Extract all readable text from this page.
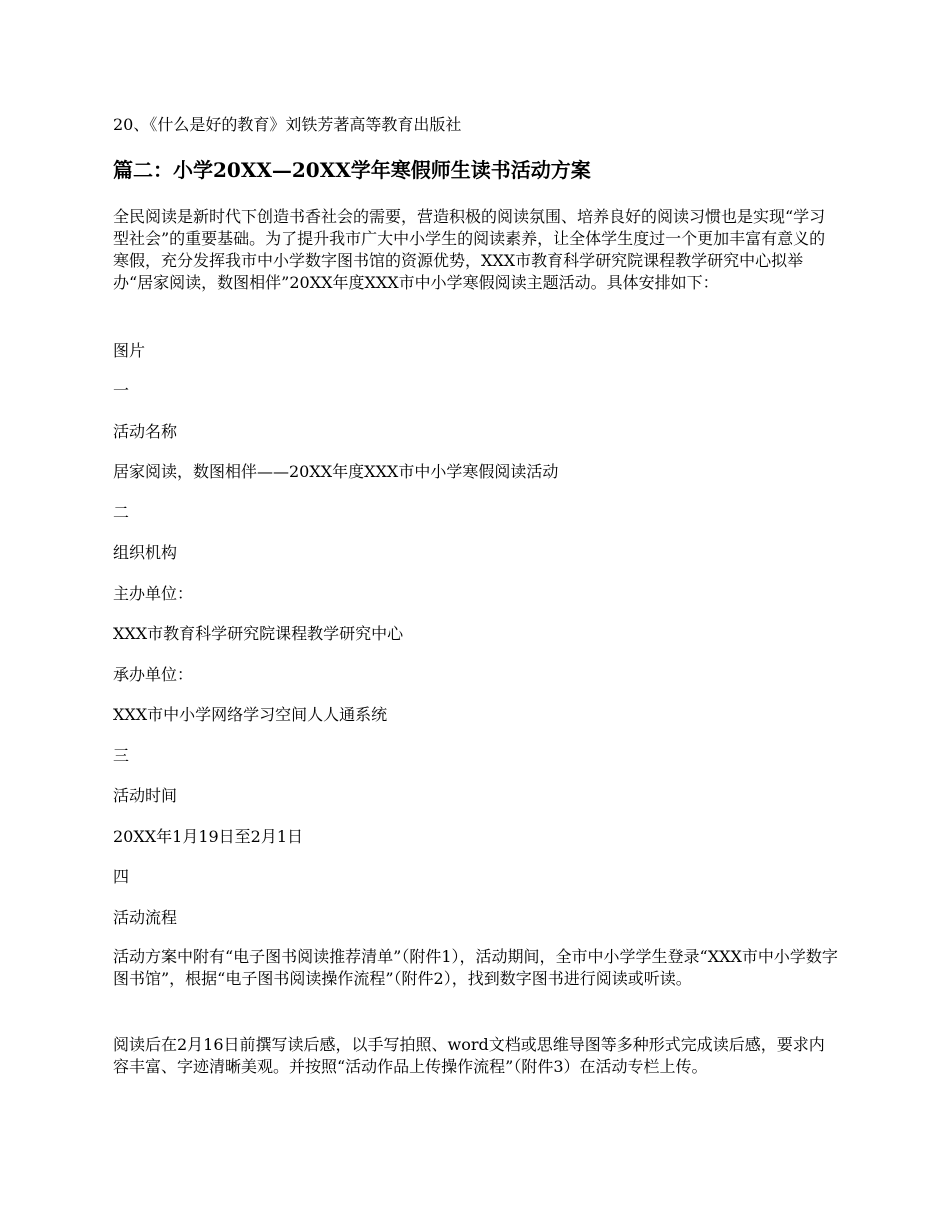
20、《什么是好的教育》刘铁芳著高等教育出版社
篇二：小学20XX—20XX学年寒假师生读书活动方案
全民阅读是新时代下创造书香社会的需要，营造积极的阅读氛围、培养良好的阅读习惯也是实现“学习型社会”的重要基础。为了提升我市广大中小学生的阅读素养，让全体学生度过一个更加丰富有意义的寒假，充分发挥我市中小学数字图书馆的资源优势，XXX市教育科学研究院课程教学研究中心拟举办“居家阅读，数图相伴”20XX年度XXX市中小学寒假阅读主题活动。具体安排如下：
图片
一
活动名称
居家阅读，数图相伴——20XX年度XXX市中小学寒假阅读活动
二
组织机构
主办单位：
XXX市教育科学研究院课程教学研究中心
承办单位：
XXX市中小学网络学习空间人人通系统
三
活动时间
20XX年1月19日至2月1日
四
活动流程
活动方案中附有“电子图书阅读推荐清单”（附件1），活动期间，全市中小学学生登录“XXX市中小学数字图书馆”，根据“电子图书阅读操作流程”（附件2），找到数字图书进行阅读或听读。
阅读后在2月16日前撰写读后感，以手写拍照、word文档或思维导图等多种形式完成读后感，要求内容丰富、字迹清晰美观。并按照“活动作品上传操作流程”（附件3）在活动专栏上传。
